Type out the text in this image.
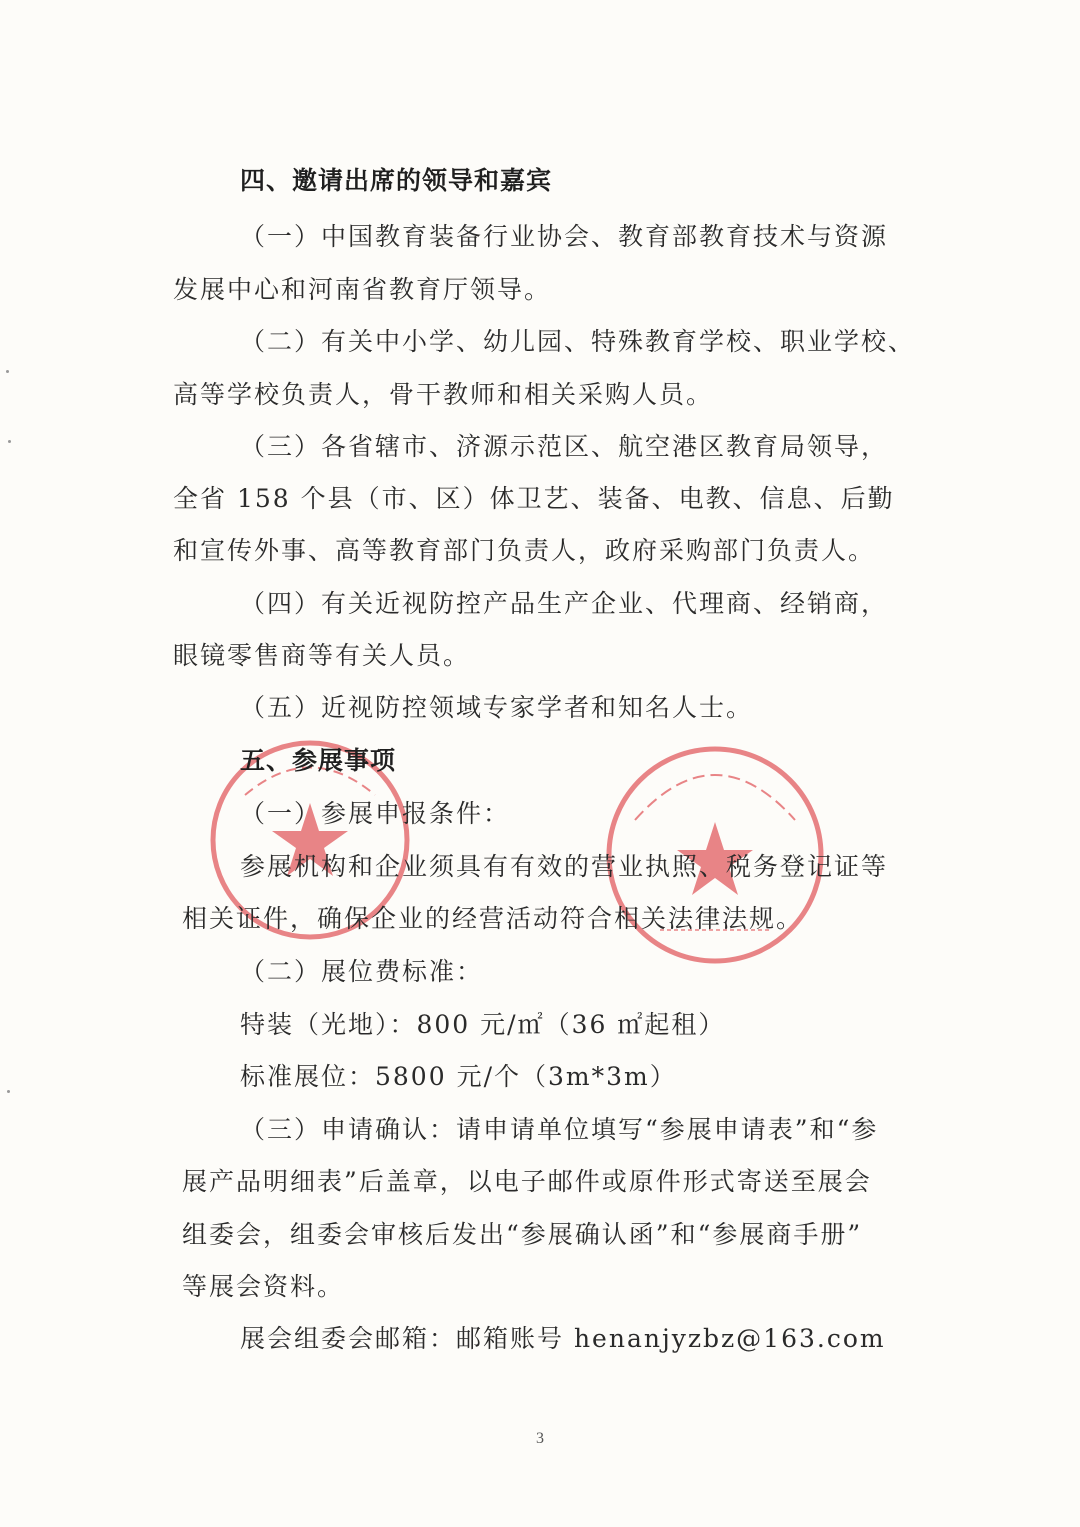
四、邀请出席的领导和嘉宾
（一）中国教育装备行业协会、教育部教育技术与资源
发展中心和河南省教育厅领导。
（二）有关中小学、幼儿园、特殊教育学校、职业学校、
高等学校负责人，骨干教师和相关采购人员。
（三）各省辖市、济源示范区、航空港区教育局领导，
全省 158 个县（市、区）体卫艺、装备、电教、信息、后勤
和宣传外事、高等教育部门负责人，政府采购部门负责人。
（四）有关近视防控产品生产企业、代理商、经销商，
眼镜零售商等有关人员。
（五）近视防控领域专家学者和知名人士。
五、参展事项
（一）参展申报条件：
参展机构和企业须具有有效的营业执照、税务登记证等
相关证件，确保企业的经营活动符合相关法律法规。
（二）展位费标准：
特装（光地）：800 元/㎡（36 ㎡起租）
标准展位：5800 元/个（3m*3m）
（三）申请确认：请申请单位填写“参展申请表”和“参
展产品明细表”后盖章，以电子邮件或原件形式寄送至展会
组委会，组委会审核后发出“参展确认函”和“参展商手册”
等展会资料。
展会组委会邮箱：邮箱账号 henanjyzbz@163.com
3
